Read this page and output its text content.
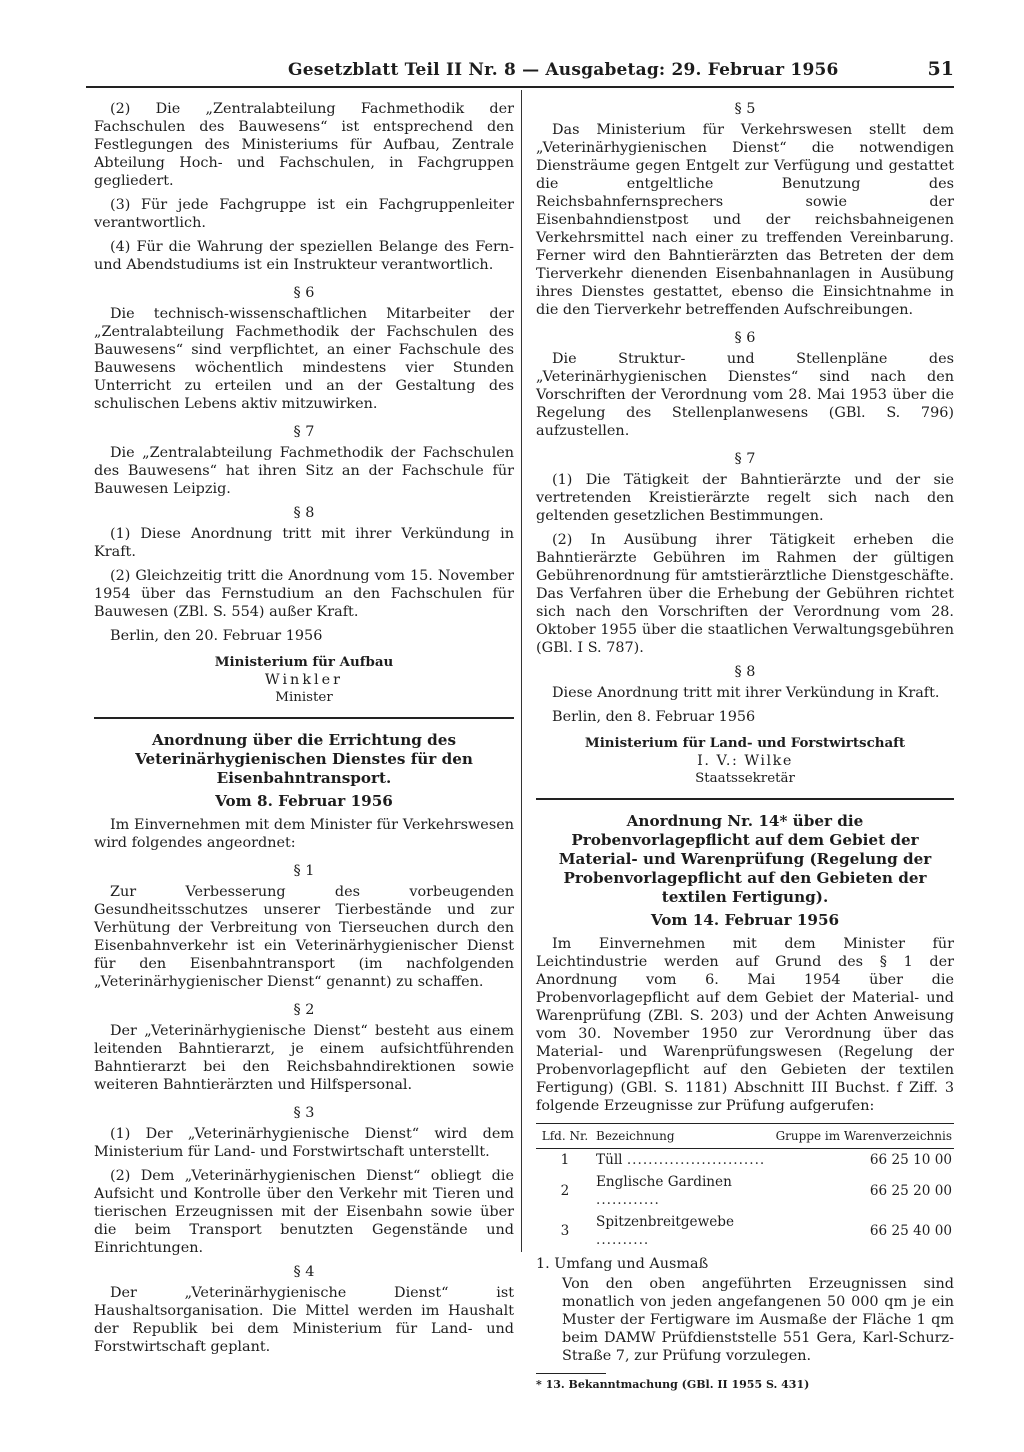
Gesetzblatt Teil II Nr. 8 — Ausgabetag: 29. Februar 1956	51

(2) Die „Zentralabteilung Fachmethodik der Fachschulen des Bauwesens“ ist entsprechend den Festlegungen des Ministeriums für Aufbau, Zentrale Abteilung Hoch- und Fachschulen, in Fachgruppen gegliedert.

(3) Für jede Fachgruppe ist ein Fachgruppenleiter verantwortlich.

(4) Für die Wahrung der speziellen Belange des Fern- und Abendstudiums ist ein Instrukteur verantwortlich.

§ 6

Die technisch-wissenschaftlichen Mitarbeiter der „Zentralabteilung Fachmethodik der Fachschulen des Bauwesens“ sind verpflichtet, an einer Fachschule des Bauwesens wöchentlich mindestens vier Stunden Unterricht zu erteilen und an der Gestaltung des schulischen Lebens aktiv mitzuwirken.

§ 7

Die „Zentralabteilung Fachmethodik der Fachschulen des Bauwesens“ hat ihren Sitz an der Fachschule für Bauwesen Leipzig.

§ 8

(1) Diese Anordnung tritt mit ihrer Verkündung in Kraft.

(2) Gleichzeitig tritt die Anordnung vom 15. November 1954 über das Fernstudium an den Fachschulen für Bauwesen (ZBl. S. 554) außer Kraft.

Berlin, den 20. Februar 1956

Ministerium für Aufbau
Winkler
Minister
Anordnung über die Errichtung des Veterinärhygienischen Dienstes für den Eisenbahntransport.
Vom 8. Februar 1956

Im Einvernehmen mit dem Minister für Verkehrswesen wird folgendes angeordnet:

§ 1

Zur Verbesserung des vorbeugenden Gesundheitsschutzes unserer Tierbestände und zur Verhütung der Verbreitung von Tierseuchen durch den Eisenbahnverkehr ist ein Veterinärhygienischer Dienst für den Eisenbahntransport (im nachfolgenden „Veterinärhygienischer Dienst“ genannt) zu schaffen.

§ 2

Der „Veterinärhygienische Dienst“ besteht aus einem leitenden Bahntierarzt, je einem aufsichtführenden Bahntierarzt bei den Reichsbahndirektionen sowie weiteren Bahntierärzten und Hilfspersonal.

§ 3

(1) Der „Veterinärhygienische Dienst“ wird dem Ministerium für Land- und Forstwirtschaft unterstellt.

(2) Dem „Veterinärhygienischen Dienst“ obliegt die Aufsicht und Kontrolle über den Verkehr mit Tieren und tierischen Erzeugnissen mit der Eisenbahn sowie über die beim Transport benutzten Gegenstände und Einrichtungen.

§ 4

Der „Veterinärhygienische Dienst“ ist Haushaltsorganisation. Die Mittel werden im Haushalt der Republik bei dem Ministerium für Land- und Forstwirtschaft geplant.

§ 5

Das Ministerium für Verkehrswesen stellt dem „Veterinärhygienischen Dienst“ die notwendigen Diensträume gegen Entgelt zur Verfügung und gestattet die entgeltliche Benutzung des Reichsbahnfernsprechers sowie der Eisenbahndienstpost und der reichsbahneigenen Verkehrsmittel nach einer zu treffenden Vereinbarung. Ferner wird den Bahntierärzten das Betreten der dem Tierverkehr dienenden Eisenbahnanlagen in Ausübung ihres Dienstes gestattet, ebenso die Einsichtnahme in die den Tierverkehr betreffenden Aufschreibungen.

§ 6

Die Struktur- und Stellenpläne des „Veterinärhygienischen Dienstes“ sind nach den Vorschriften der Verordnung vom 28. Mai 1953 über die Regelung des Stellenplanwesens (GBl. S. 796) aufzustellen.

§ 7

(1) Die Tätigkeit der Bahntierärzte und der sie vertretenden Kreistierärzte regelt sich nach den geltenden gesetzlichen Bestimmungen.

(2) In Ausübung ihrer Tätigkeit erheben die Bahntierärzte Gebühren im Rahmen der gültigen Gebührenordnung für amtstierärztliche Dienstgeschäfte. Das Verfahren über die Erhebung der Gebühren richtet sich nach den Vorschriften der Verordnung vom 28. Oktober 1955 über die staatlichen Verwaltungsgebühren (GBl. I S. 787).

§ 8

Diese Anordnung tritt mit ihrer Verkündung in Kraft.

Berlin, den 8. Februar 1956

Ministerium für Land- und Forstwirtschaft
I. V.: Wilke
Staatssekretär
Anordnung Nr. 14* über die Probenvorlagepflicht auf dem Gebiet der Material- und Warenprüfung (Regelung der Probenvorlagepflicht auf den Gebieten der textilen Fertigung).
Vom 14. Februar 1956

Im Einvernehmen mit dem Minister für Leichtindustrie werden auf Grund des § 1 der Anordnung vom 6. Mai 1954 über die Probenvorlagepflicht auf dem Gebiet der Material- und Warenprüfung (ZBl. S. 203) und der Achten Anweisung vom 30. November 1950 zur Verordnung über das Material- und Warenprüfungswesen (Regelung der Probenvorlagepflicht auf den Gebieten der textilen Fertigung) (GBl. S. 1181) Abschnitt III Buchst. f Ziff. 3 folgende Erzeugnisse zur Prüfung aufgerufen:

Lfd. Nr.	Bezeichnung	Gruppe im Warenverzeichnis
1	Tüll ..........................	66 25 10 00
2	Englische Gardinen ............	66 25 20 00
3	Spitzenbreitgewebe ..........	66 25 40 00
1. Umfang und Ausmaß
Von den oben angeführten Erzeugnissen sind monatlich von jeden angefangenen 50 000 qm je ein Muster der Fertigware im Ausmaße der Fläche 1 qm beim DAMW Prüfdienststelle 551 Gera, Karl-Schurz-Straße 7, zur Prüfung vorzulegen.
* 13. Bekanntmachung (GBl. II 1955 S. 431)
